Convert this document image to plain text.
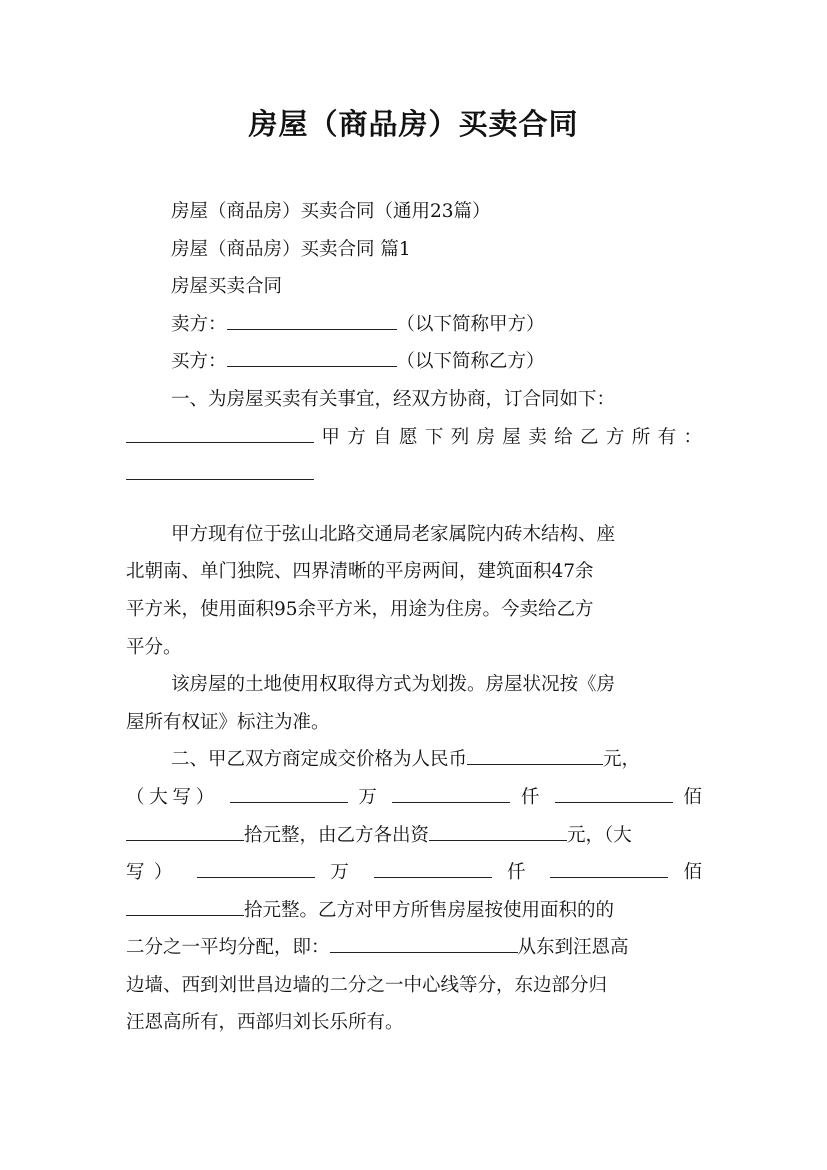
房屋（商品房）买卖合同
房屋（商品房）买卖合同（通用23篇）
房屋（商品房）买卖合同 篇1
房屋买卖合同
卖方：	（以下简称甲方）
买方：	（以下简称乙方）
一、为房屋买卖有关事宜，经双方协商，订合同如下：
甲方自愿下列房屋卖给乙方所有：
甲方现有位于弦山北路交通局老家属院内砖木结构、座
北朝南、单门独院、四界清晰的平房两间，建筑面积47余
平方米，使用面积95余平方米，用途为住房。今卖给乙方
平分。
该房屋的土地使用权取得方式为划拨。房屋状况按《房
屋所有权证》标注为准。
二、甲乙双方商定成交价格为人民币	元，
（大写）	万	仟	佰
拾元整，由乙方各出资	元，（大
写）	万	仟	佰
拾元整。乙方对甲方所售房屋按使用面积的的
二分之一平均分配，即：	从东到汪恩高
边墙、西到刘世昌边墙的二分之一中心线等分，东边部分归
汪恩高所有，西部归刘长乐所有。
